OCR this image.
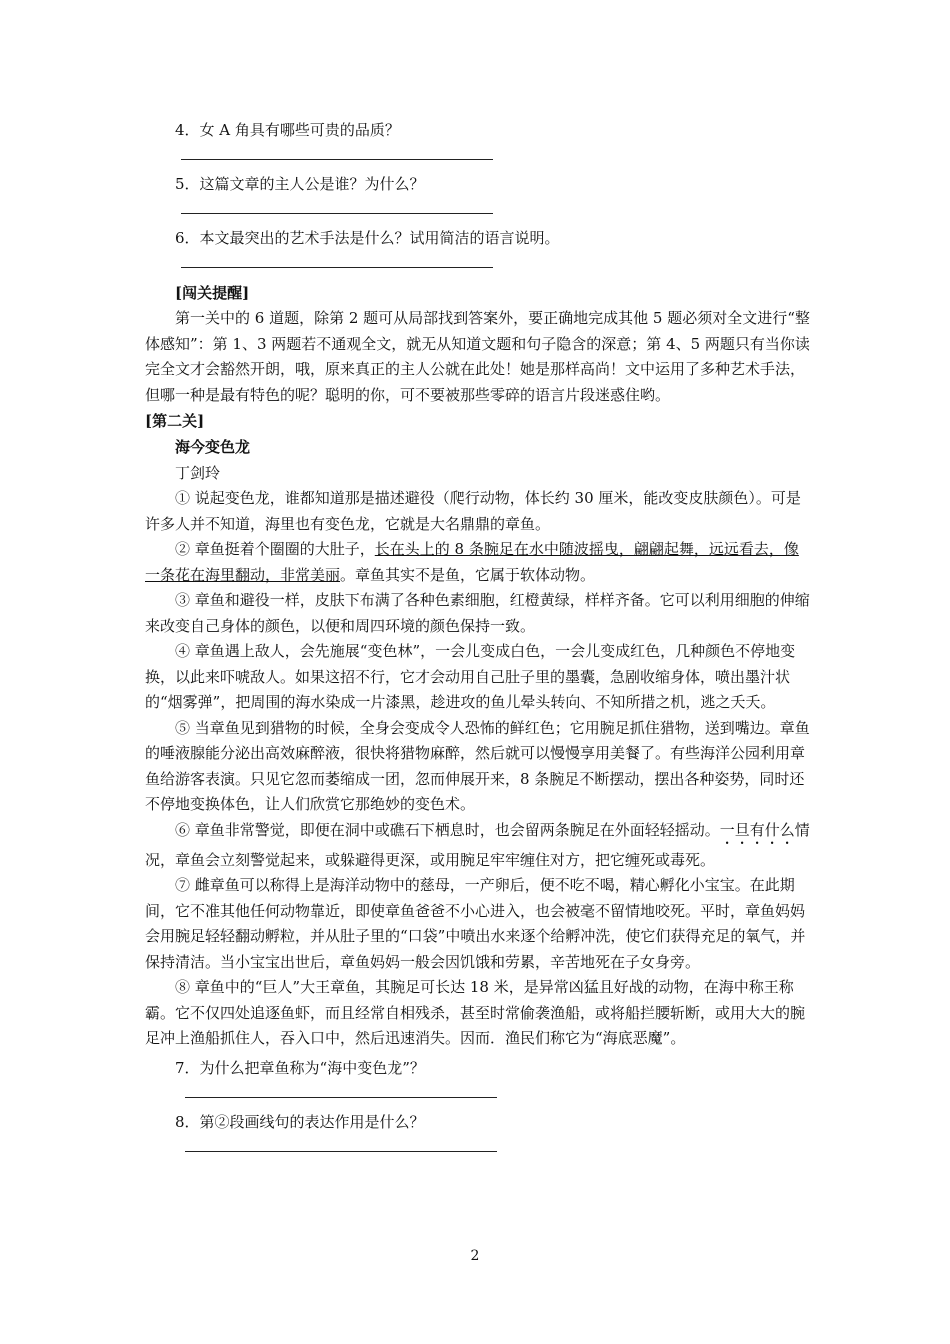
4．女 A 角具有哪些可贵的品质？

5．这篇文章的主人公是谁？为什么？

6．本文最突出的艺术手法是什么？试用简洁的语言说明。

[闯关提醒]

第一关中的 6 道题，除第 2 题可从局部找到答案外，要正确地完成其他 5 题必须对全文进行“整体感知”：第 1、3 两题若不通观全文，就无从知道文题和句子隐含的深意；第 4、5 两题只有当你读完全文才会豁然开朗，哦，原来真正的主人公就在此处！她是那样高尚！文中运用了多种艺术手法，但哪一种是最有特色的呢？聪明的你，可不要被那些零碎的语言片段迷惑住哟。

[第二关]

海今变色龙

丁剑玲

① 说起变色龙，谁都知道那是描述避役（爬行动物，体长约 30 厘米，能改变皮肤颜色）。可是许多人并不知道，海里也有变色龙，它就是大名鼎鼎的章鱼。

② 章鱼挺着个圈圈的大肚子，长在头上的 8 条腕足在水中随波摇曳，翩翩起舞，远远看去，像一条花在海里翻动，非常美丽。章鱼其实不是鱼，它属于软体动物。

③ 章鱼和避役一样，皮肤下布满了各种色素细胞，红橙黄绿，样样齐备。它可以利用细胞的伸缩来改变自己身体的颜色，以便和周四环境的颜色保持一致。

④ 章鱼遇上敌人，会先施展“变色林”，一会儿变成白色，一会儿变成红色，几种颜色不停地变换，以此来吓唬敌人。如果这招不行，它才会动用自己肚子里的墨囊，急剧收缩身体，喷出墨汁状的“烟雾弹”，把周围的海水染成一片漆黑，趁进攻的鱼儿晕头转向、不知所措之机，逃之夭夭。

⑤ 当章鱼见到猎物的时候，全身会变成令人恐怖的鲜红色；它用腕足抓住猎物，送到嘴边。章鱼的唾液腺能分泌出高效麻醉液，很快将猎物麻醉，然后就可以慢慢享用美餐了。有些海洋公园利用章鱼给游客表演。只见它忽而萎缩成一团，忽而伸展开来，8 条腕足不断摆动，摆出各种姿势，同时还不停地变换体色，让人们欣赏它那绝妙的变色术。

⑥ 章鱼非常警觉，即便在洞中或礁石下栖息时，也会留两条腕足在外面轻轻摇动。一旦有什么情况，章鱼会立刻警觉起来，或躲避得更深，或用腕足牢牢缠住对方，把它缠死或毒死。

⑦ 雌章鱼可以称得上是海洋动物中的慈母，一产卵后，便不吃不喝，精心孵化小宝宝。在此期间，它不准其他任何动物靠近，即使章鱼爸爸不小心进入，也会被毫不留情地咬死。平时，章鱼妈妈会用腕足轻轻翻动孵粒，并从肚子里的“口袋”中喷出水来逐个给孵冲洗，使它们获得充足的氧气，并保持清洁。当小宝宝出世后，章鱼妈妈一般会因饥饿和劳累，辛苦地死在子女身旁。

⑧ 章鱼中的“巨人”大王章鱼，其腕足可长达 18 米，是异常凶猛且好战的动物，在海中称王称霸。它不仅四处追逐鱼虾，而且经常自相残杀，甚至时常偷袭渔船，或将船拦腰斩断，或用大大的腕足冲上渔船抓住人，吞入口中，然后迅速消失。因而．渔民们称它为“海底恶魔”。

7．为什么把章鱼称为“海中变色龙”？

8．第②段画线句的表达作用是什么？

2
